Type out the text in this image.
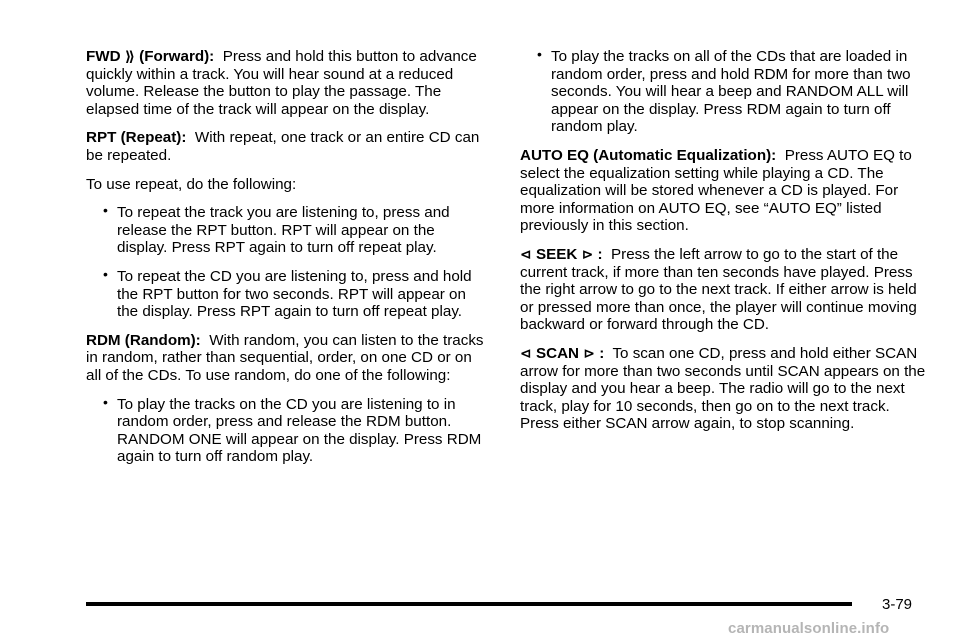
FWD ⟫ (Forward): Press and hold this button to advance quickly within a track. You will hear sound at a reduced volume. Release the button to play the passage. The elapsed time of the track will appear on the display.

RPT (Repeat): With repeat, one track or an entire CD can be repeated.

To use repeat, do the following:

• To repeat the track you are listening to, press and release the RPT button. RPT will appear on the display. Press RPT again to turn off repeat play.
• To repeat the CD you are listening to, press and hold the RPT button for two seconds. RPT will appear on the display. Press RPT again to turn off repeat play.

RDM (Random): With random, you can listen to the tracks in random, rather than sequential, order, on one CD or on all of the CDs. To use random, do one of the following:

• To play the tracks on the CD you are listening to in random order, press and release the RDM button. RANDOM ONE will appear on the display. Press RDM again to turn off random play.
• To play the tracks on all of the CDs that are loaded in random order, press and hold RDM for more than two seconds. You will hear a beep and RANDOM ALL will appear on the display. Press RDM again to turn off random play.

AUTO EQ (Automatic Equalization): Press AUTO EQ to select the equalization setting while playing a CD. The equalization will be stored whenever a CD is played. For more information on AUTO EQ, see “AUTO EQ” listed previously in this section.

⊲ SEEK ⊳ : Press the left arrow to go to the start of the current track, if more than ten seconds have played. Press the right arrow to go to the next track. If either arrow is held or pressed more than once, the player will continue moving backward or forward through the CD.

⊲ SCAN ⊳ : To scan one CD, press and hold either SCAN arrow for more than two seconds until SCAN appears on the display and you hear a beep. The radio will go to the next track, play for 10 seconds, then go on to the next track. Press either SCAN arrow again, to stop scanning.

3-79
carmanualsonline.info
